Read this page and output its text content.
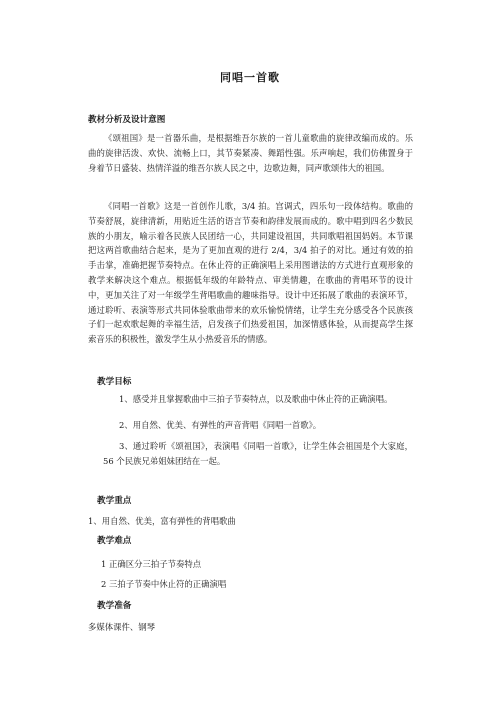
同唱一首歌
教材分析及设计意图
《颂祖国》是一首器乐曲，是根据维吾尔族的一首儿童歌曲的旋律改编而成的。乐曲的旋律活泼、欢快、流畅上口，其节奏紧凑、舞蹈性强。乐声响起，我们仿佛置身于身着节日盛装、热情洋溢的维吾尔族人民之中，边歌边舞，同声歌颂伟大的祖国。
《同唱一首歌》这是一首创作儿歌，3/4 拍。宫调式，四乐句一段体结构。歌曲的节奏舒展，旋律清新，用贴近生活的语言节奏和韵律发展而成的。歌中唱到四名少数民族的小朋友，喻示着各民族人民团结一心，共同建设祖国，共同歌唱祖国妈妈。本节课把这两首歌曲结合起来，是为了更加直观的进行 2/4，3/4 拍子的对比。通过有效的拍手击掌，准确把握节奏特点。在休止符的正确演唱上采用图谱法的方式进行直观形象的教学来解决这个难点。根据低年级的年龄特点、审美情趣，在歌曲的背唱环节的设计中，更加关注了对一年级学生背唱歌曲的趣味指导。设计中还拓展了歌曲的表演环节，通过聆听、表演等形式共同体验歌曲带来的欢乐愉悦情绪，让学生充分感受各个民族孩子们一起欢歌起舞的幸福生活，启发孩子们热爱祖国，加深情感体验，从而提高学生探索音乐的积极性，激发学生从小热爱音乐的情感。
教学目标
1、感受并且掌握歌曲中三拍子节奏特点，以及歌曲中休止符的正确演唱。
2、用自然、优美、有弹性的声音背唱《同唱一首歌》。
3、通过聆听《颂祖国》，表演唱《同唱一首歌》，让学生体会祖国是个大家庭，56 个民族兄弟姐妹团结在一起。
教学重点
1、用自然、优美，富有弹性的背唱歌曲
教学难点
1 正确区分三拍子节奏特点
2 三拍子节奏中休止符的正确演唱
教学准备
多媒体课件、钢琴
